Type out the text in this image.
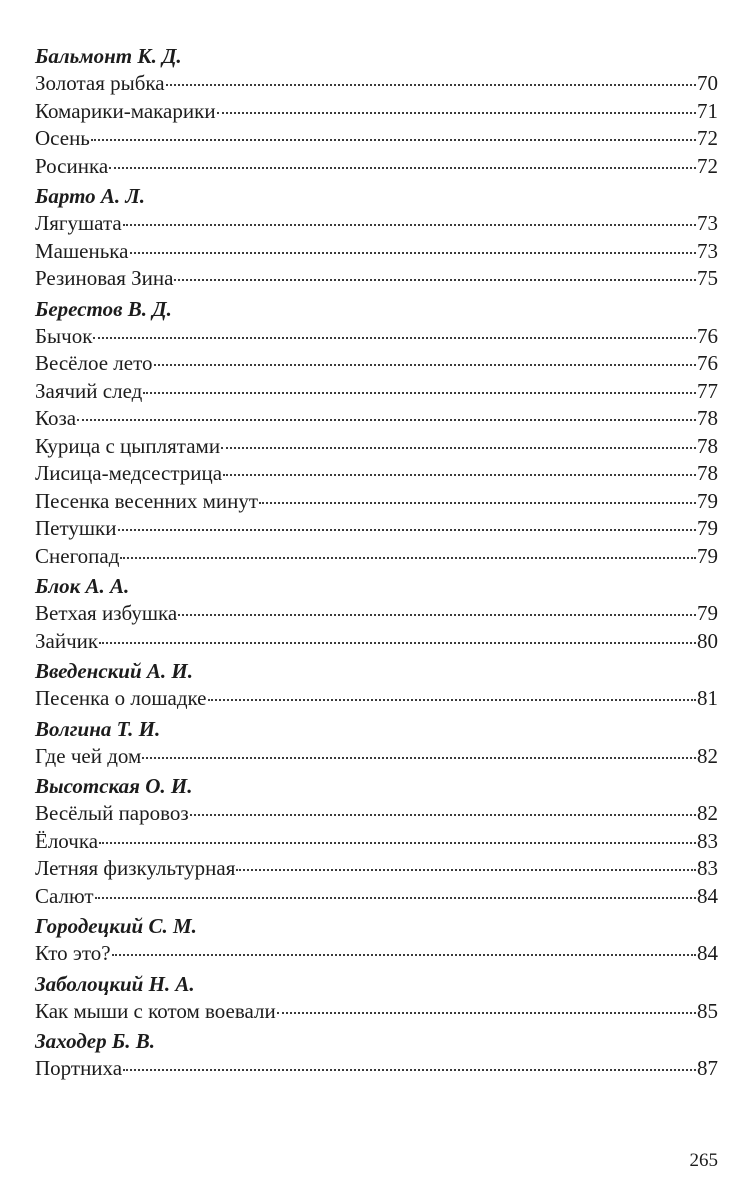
Бальмонт К. Д.
Золотая рыбка	70
Комарики-макарики	71
Осень	72
Росинка	72
Барто А. Л.
Лягушата	73
Машенька	73
Резиновая Зина	75
Берестов В. Д.
Бычок	76
Весёлое лето	76
Заячий след	77
Коза	78
Курица с цыплятами	78
Лисица-медсестрица	78
Песенка весенних минут	79
Петушки	79
Снегопад	79
Блок А. А.
Ветхая избушка	79
Зайчик	80
Введенский А. И.
Песенка о лошадке	81
Волгина Т. И.
Где чей дом	82
Высотская О. И.
Весёлый паровоз	82
Ёлочка	83
Летняя физкультурная	83
Салют	84
Городецкий С. М.
Кто это?	84
Заболоцкий Н. А.
Как мыши с котом воевали	85
Заходер Б. В.
Портниха	87
265
